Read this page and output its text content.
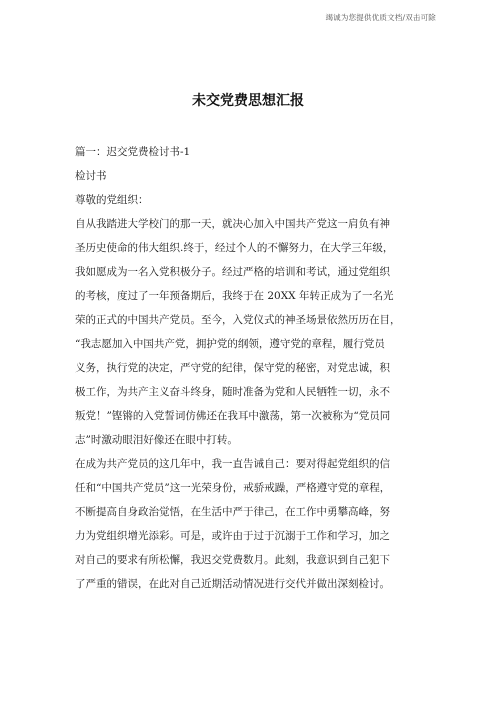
竭诚为您提供优质文档/双击可除
未交党费思想汇报

篇一：迟交党费检讨书-1

检讨书

尊敬的党组织：

自从我踏进大学校门的那一天，就决心加入中国共产党这一肩负有神
圣历史使命的伟大组织.终于，经过个人的不懈努力，在大学三年级，
我如愿成为一名入党积极分子。经过严格的培训和考试，通过党组织
的考核，度过了一年预备期后，我终于在 20XX 年转正成为了一名光
荣的正式的中国共产党员。至今，入党仪式的神圣场景依然历历在目，
“我志愿加入中国共产党，拥护党的纲领，遵守党的章程，履行党员
义务，执行党的决定，严守党的纪律，保守党的秘密，对党忠诚，积
极工作，为共产主义奋斗终身，随时准备为党和人民牺牲一切，永不
叛党！”铿锵的入党誓词仿佛还在我耳中激荡，第一次被称为“党员同
志”时激动眼泪好像还在眼中打转。

在成为共产党员的这几年中，我一直告诫自己：要对得起党组织的信
任和“中国共产党员”这一光荣身份，戒骄戒躁，严格遵守党的章程，
不断提高自身政治觉悟，在生活中严于律己，在工作中勇攀高峰，努
力为党组织增光添彩。可是，或许由于过于沉溺于工作和学习，加之
对自己的要求有所松懈，我迟交党费数月。此刻，我意识到自己犯下
了严重的错误，在此对自己近期活动情况进行交代并做出深刻检讨。
